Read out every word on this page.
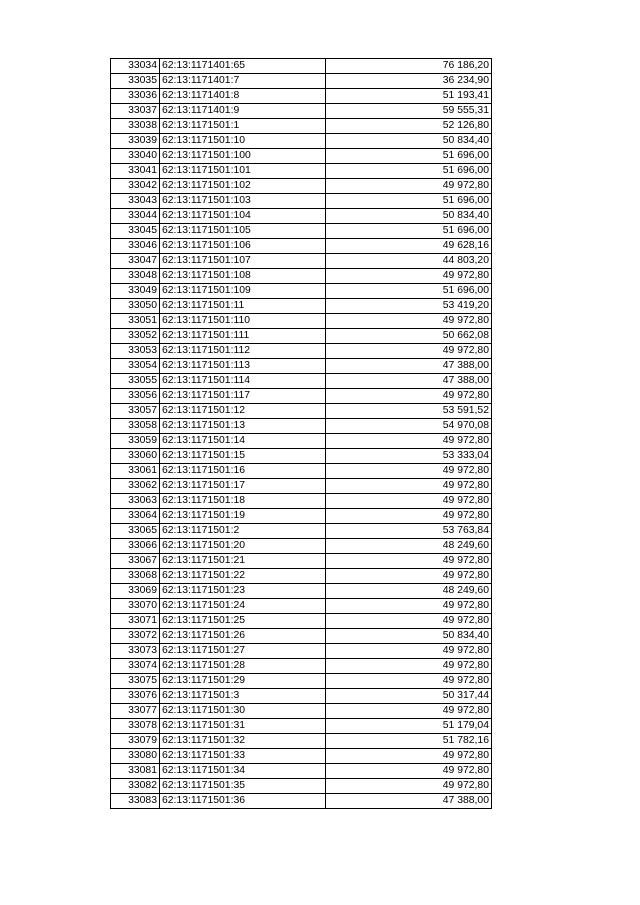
33034	62:13:1171401:65	76 186,20
33035	62:13:1171401:7	36 234,90
33036	62:13:1171401:8	51 193,41
33037	62:13:1171401:9	59 555,31
33038	62:13:1171501:1	52 126,80
33039	62:13:1171501:10	50 834,40
33040	62:13:1171501:100	51 696,00
33041	62:13:1171501:101	51 696,00
33042	62:13:1171501:102	49 972,80
33043	62:13:1171501:103	51 696,00
33044	62:13:1171501:104	50 834,40
33045	62:13:1171501:105	51 696,00
33046	62:13:1171501:106	49 628,16
33047	62:13:1171501:107	44 803,20
33048	62:13:1171501:108	49 972,80
33049	62:13:1171501:109	51 696,00
33050	62:13:1171501:11	53 419,20
33051	62:13:1171501:110	49 972,80
33052	62:13:1171501:111	50 662,08
33053	62:13:1171501:112	49 972,80
33054	62:13:1171501:113	47 388,00
33055	62:13:1171501:114	47 388,00
33056	62:13:1171501:117	49 972,80
33057	62:13:1171501:12	53 591,52
33058	62:13:1171501:13	54 970,08
33059	62:13:1171501:14	49 972,80
33060	62:13:1171501:15	53 333,04
33061	62:13:1171501:16	49 972,80
33062	62:13:1171501:17	49 972,80
33063	62:13:1171501:18	49 972,80
33064	62:13:1171501:19	49 972,80
33065	62:13:1171501:2	53 763,84
33066	62:13:1171501:20	48 249,60
33067	62:13:1171501:21	49 972,80
33068	62:13:1171501:22	49 972,80
33069	62:13:1171501:23	48 249,60
33070	62:13:1171501:24	49 972,80
33071	62:13:1171501:25	49 972,80
33072	62:13:1171501:26	50 834,40
33073	62:13:1171501:27	49 972,80
33074	62:13:1171501:28	49 972,80
33075	62:13:1171501:29	49 972,80
33076	62:13:1171501:3	50 317,44
33077	62:13:1171501:30	49 972,80
33078	62:13:1171501:31	51 179,04
33079	62:13:1171501:32	51 782,16
33080	62:13:1171501:33	49 972,80
33081	62:13:1171501:34	49 972,80
33082	62:13:1171501:35	49 972,80
33083	62:13:1171501:36	47 388,00
